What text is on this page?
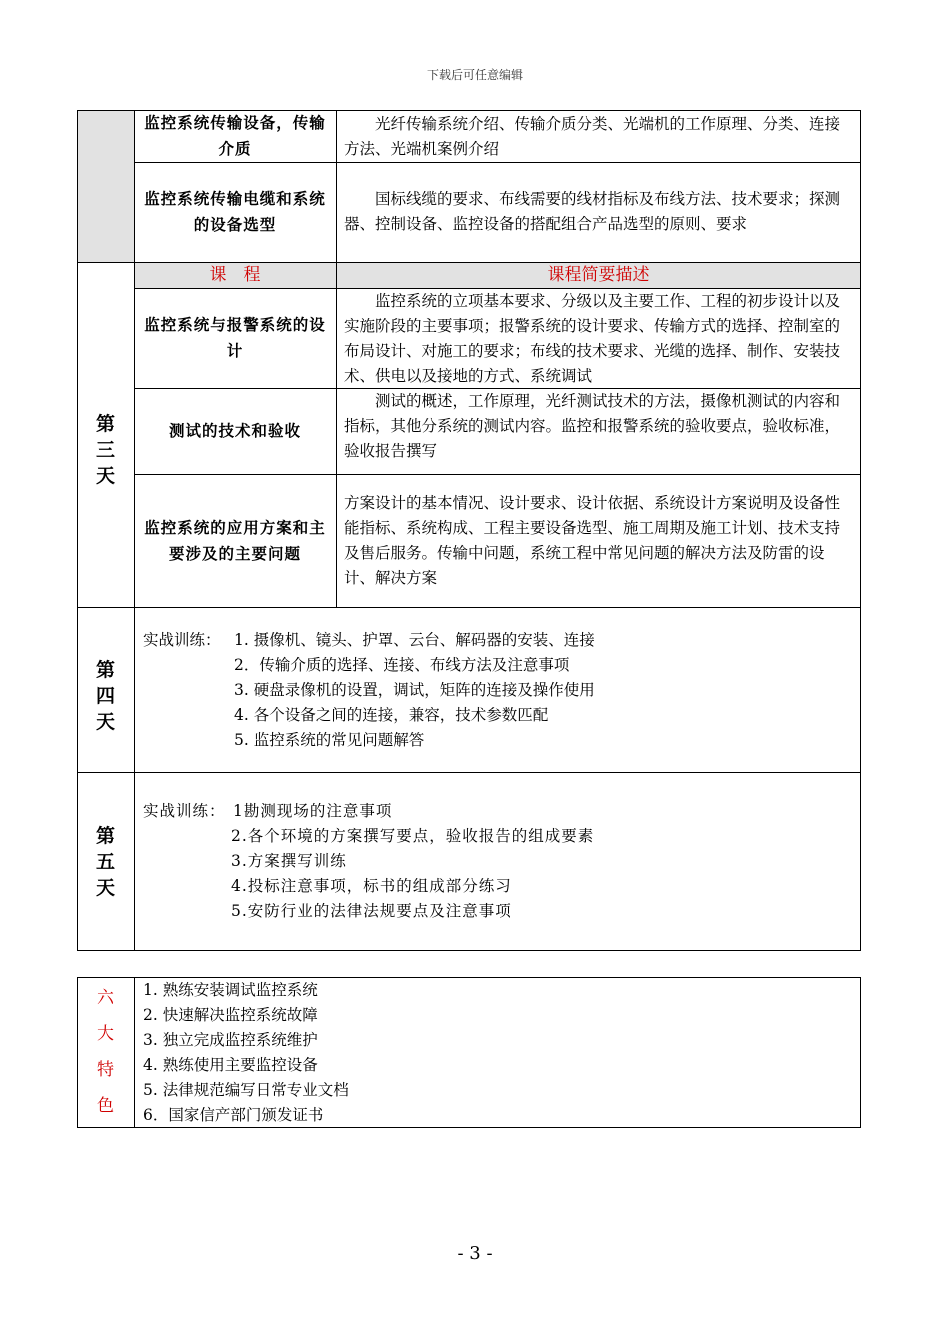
下载后可任意编辑
监控系统传输设备，传输介质

光纤传输系统介绍、传输介质分类、光端机的工作原理、分类、连接方法、光端机案例介绍

监控系统传输电缆和系统的设备选型

国标线缆的要求、布线需要的线材指标及布线方法、技术要求；探测器、控制设备、监控设备的搭配组合产品选型的原则、要求

课　程	课程简要描述
第三天
监控系统与报警系统的设计

监控系统的立项基本要求、分级以及主要工作、工程的初步设计以及实施阶段的主要事项；报警系统的设计要求、传输方式的选择、控制室的布局设计、对施工的要求；布线的技术要求、光缆的选择、制作、安装技术、供电以及接地的方式、系统调试

测试的技术和验收

测试的概述，工作原理，光纤测试技术的方法，摄像机测试的内容和指标，其他分系统的测试内容。监控和报警系统的验收要点，验收标准，验收报告撰写

监控系统的应用方案和主要涉及的主要问题

方案设计的基本情况、设计要求、设计依据、系统设计方案说明及设备性能指标、系统构成、工程主要设备选型、施工周期及施工计划、技术支持及售后服务。传输中问题，系统工程中常见问题的解决方法及防雷的设计、解决方案

第四天
实战训练： 1. 摄像机、镜头、护罩、云台、解码器的安装、连接
2．传输介质的选择、连接、布线方法及注意事项
3. 硬盘录像机的设置，调试，矩阵的连接及操作使用
4. 各个设备之间的连接，兼容，技术参数匹配
5. 监控系统的常见问题解答
第五天
实战训练： 1勘测现场的注意事项
2.各个环境的方案撰写要点，验收报告的组成要素
3.方案撰写训练
4.投标注意事项，标书的组成部分练习
5.安防行业的法律法规要点及注意事项
六
大
特
色
1. 熟练安装调试监控系统
2. 快速解决监控系统故障
3. 独立完成监控系统维护
4. 熟练使用主要监控设备
5. 法律规范编写日常专业文档
6．国家信产部门颁发证书
- 3 -
